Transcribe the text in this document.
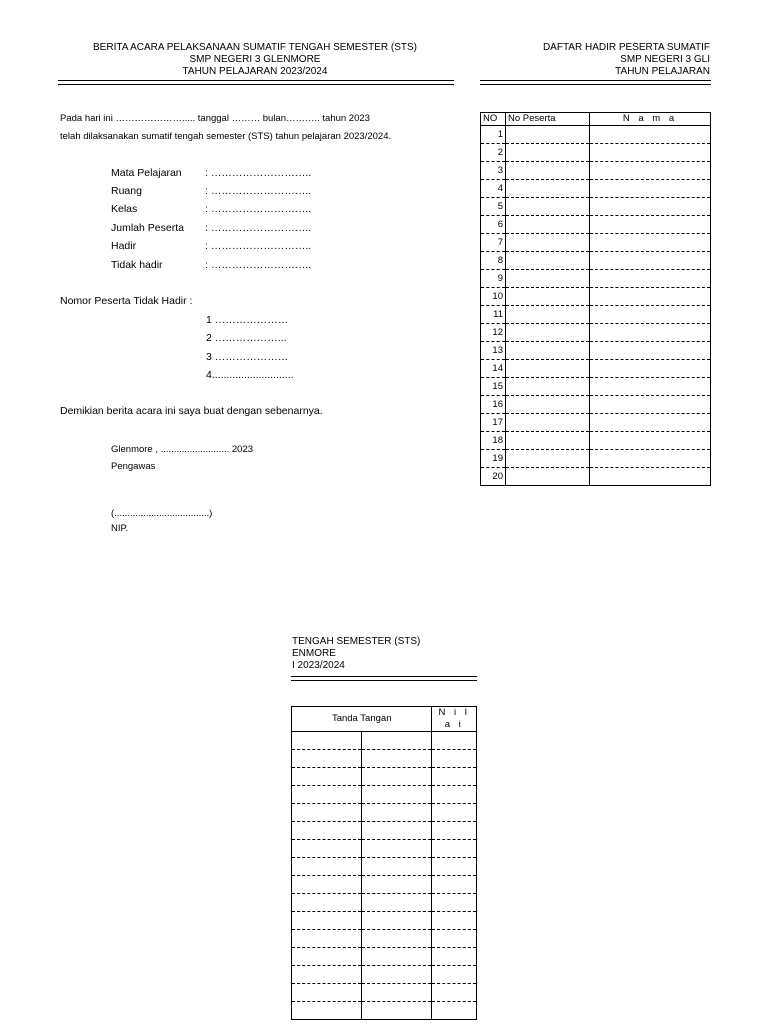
BERITA ACARA PELAKSANAAN SUMATIF TENGAH SEMESTER (STS)
SMP NEGERI 3 GLENMORE
TAHUN PELAJARAN 2023/2024
DAFTAR HADIR PESERTA SUMATIF
SMP NEGERI 3 GLI
TAHUN PELAJARAN
Pada hari ini …………………..... tanggal ……… bulan……….. tahun 2023
telah dilaksanakan sumatif tengah semester (STS) tahun pelajaran 2023/2024.
Mata Pelajaran : ………………………..
Ruang	: ………………………..
Kelas	: ………………………..
Jumlah Peserta : ………………………..
Hadir	: ………………………..
Tidak hadir	: ………………………..
Nomor Peserta Tidak Hadir :
1 …………………
2 ………………...
3 …………………
4............................
Demikian berita acara ini saya buat dengan sebenarnya.
Glenmore , .......................... 2023
Pengawas
(....................................)
NIP.
NO	No Peserta	N a m a
1		
2		
3		
4		
5		
6		
7		
8		
9		
10		
11		
12		
13		
14		
15		
16		
17		
18		
19		
20		
TENGAH SEMESTER (STS)
ENMORE
I 2023/2024
Tanda Tangan		N i l a i
